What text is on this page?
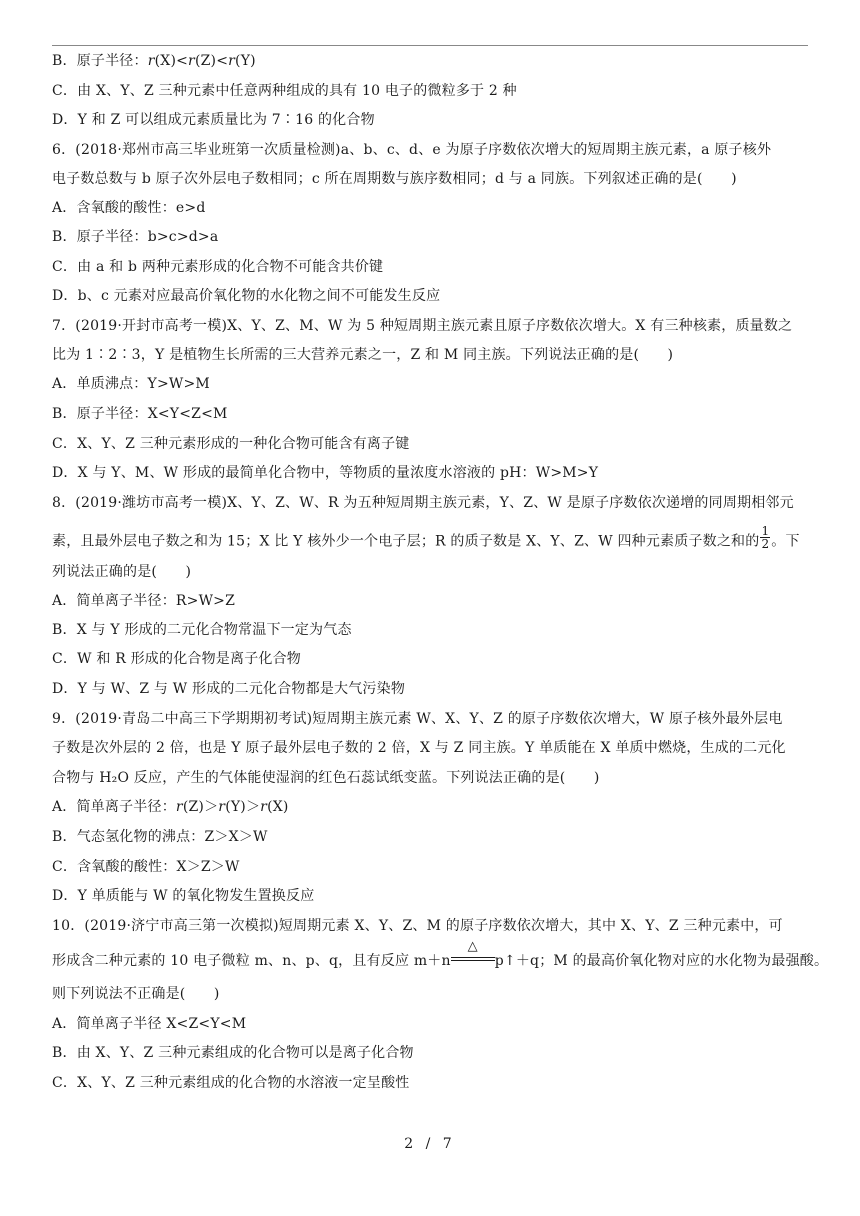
B．原子半径：r(X)<r(Z)<r(Y)
C．由 X、Y、Z 三种元素中任意两种组成的具有 10 电子的微粒多于 2 种
D．Y 和 Z 可以组成元素质量比为 7∶16 的化合物
6．(2018·郑州市高三毕业班第一次质量检测)a、b、c、d、e 为原子序数依次增大的短周期主族元素，a 原子核外
电子数总数与 b 原子次外层电子数相同；c 所在周期数与族序数相同；d 与 a 同族。下列叙述正确的是(　　)
A．含氧酸的酸性：e>d
B．原子半径：b>c>d>a
C．由 a 和 b 两种元素形成的化合物不可能含共价键
D．b、c 元素对应最高价氧化物的水化物之间不可能发生反应
7．(2019·开封市高考一模)X、Y、Z、M、W 为 5 种短周期主族元素且原子序数依次增大。X 有三种核素，质量数之
比为 1∶2∶3，Y 是植物生长所需的三大营养元素之一，Z 和 M 同主族。下列说法正确的是(　　)
A．单质沸点：Y>W>M
B．原子半径：X<Y<Z<M
C．X、Y、Z 三种元素形成的一种化合物可能含有离子键
D．X 与 Y、M、W 形成的最简单化合物中，等物质的量浓度水溶液的 pH：W>M>Y
8．(2019·潍坊市高考一模)X、Y、Z、W、R 为五种短周期主族元素，Y、Z、W 是原子序数依次递增的同周期相邻元
素，且最外层电子数之和为 15；X 比 Y 核外少一个电子层；R 的质子数是 X、Y、Z、W 四种元素质子数之和的 $\frac{1}{2}$ 。下
列说法正确的是(　　)
A．简单离子半径：R>W>Z
B．X 与 Y 形成的二元化合物常温下一定为气态
C．W 和 R 形成的化合物是离子化合物
D．Y 与 W、Z 与 W 形成的二元化合物都是大气污染物
9．(2019·青岛二中高三下学期期初考试)短周期主族元素 W、X、Y、Z 的原子序数依次增大，W 原子核外最外层电
子数是次外层的 2 倍，也是 Y 原子最外层电子数的 2 倍，X 与 Z 同主族。Y 单质能在 X 单质中燃烧，生成的二元化
合物与 H₂O 反应，产生的气体能使湿润的红色石蕊试纸变蓝。下列说法正确的是(　　)
A．简单离子半径：r(Z)＞r(Y)＞r(X)
B．气态氢化物的沸点：Z＞X＞W
C．含氧酸的酸性：X＞Z＞W
D．Y 单质能与 W 的氧化物发生置换反应
10．(2019·济宁市高三第一次模拟)短周期元素 X、Y、Z、M 的原子序数依次增大，其中 X、Y、Z 三种元素中，可
形成含二种元素的 10 电子微粒 m、n、p、q，且有反应 m＋n
△
p↑＋q；M 的最高价氧化物对应的水化物为最强酸。
则下列说法不正确是(　　)
A．简单离子半径 X<Z<Y<M
B．由 X、Y、Z 三种元素组成的化合物可以是离子化合物
C．X、Y、Z 三种元素组成的化合物的水溶液一定呈酸性
2 / 7
